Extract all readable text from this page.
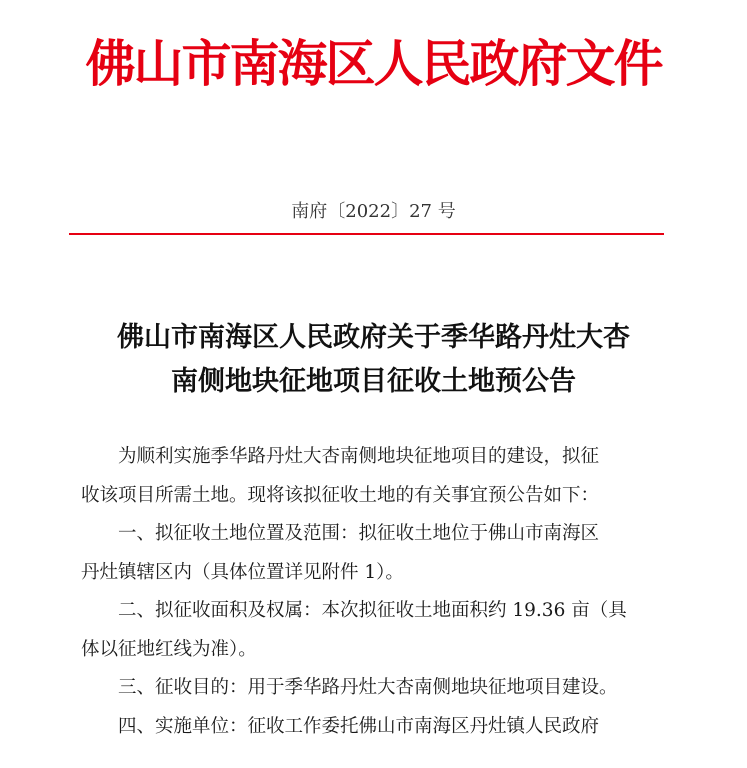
佛山市南海区人民政府文件
南府〔2022〕27 号
佛山市南海区人民政府关于季华路丹灶大杏
南侧地块征地项目征收土地预公告
为顺利实施季华路丹灶大杏南侧地块征地项目的建设，拟征
收该项目所需土地。现将该拟征收土地的有关事宜预公告如下：
一、拟征收土地位置及范围：拟征收土地位于佛山市南海区
丹灶镇辖区内（具体位置详见附件 1）。
二、拟征收面积及权属：本次拟征收土地面积约 19.36 亩（具
体以征地红线为准）。
三、征收目的：用于季华路丹灶大杏南侧地块征地项目建设。
四、实施单位：征收工作委托佛山市南海区丹灶镇人民政府
